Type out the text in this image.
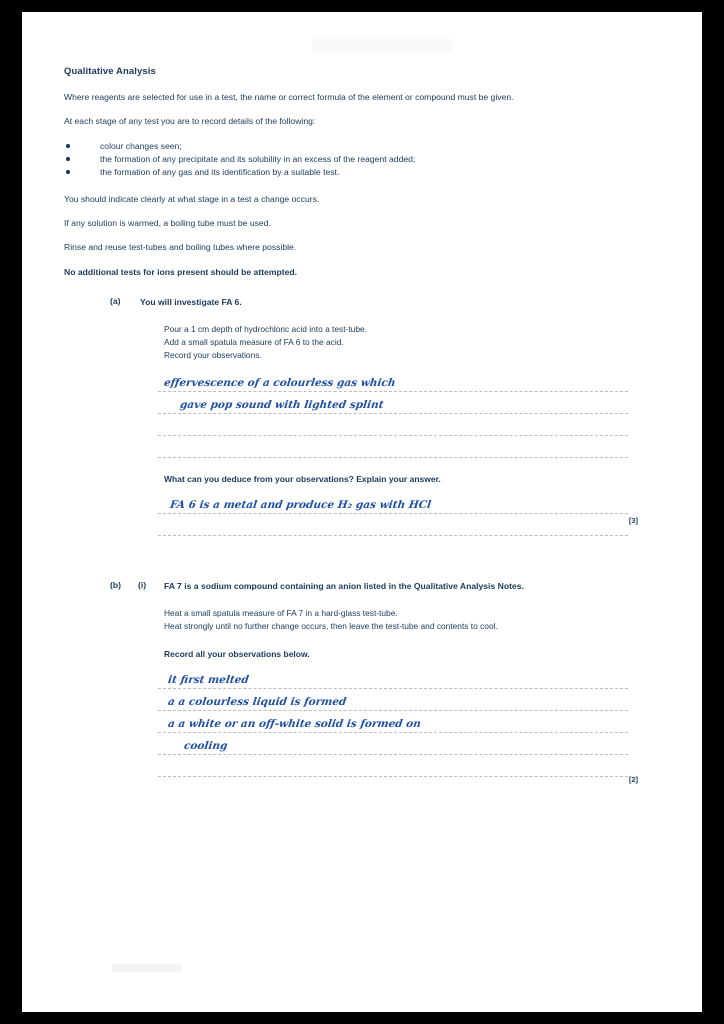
Qualitative Analysis

Where reagents are selected for use in a test, the name or correct formula of the element or compound must be given.

At each stage of any test you are to record details of the following:

colour changes seen;
the formation of any precipitate and its solubility in an excess of the reagent added;
the formation of any gas and its identification by a suitable test.

You should indicate clearly at what stage in a test a change occurs.

If any solution is warmed, a boiling tube must be used.

Rinse and reuse test-tubes and boiling tubes where possible.

No additional tests for ions present should be attempted.

(a) You will investigate FA 6.
Pour a 1 cm depth of hydrochloric acid into a test-tube.
Add a small spatula measure of FA 6 to the acid.
Record your observations.
effervescence of a colourless gas which
gave pop sound with lighted splint
What can you deduce from your observations? Explain your answer.
FA 6 is a metal and produce H₂ gas with HCl
[3]
(b) (i) FA 7 is a sodium compound containing an anion listed in the Qualitative Analysis Notes.
Heat a small spatula measure of FA 7 in a hard-glass test-tube.
Heat strongly until no further change occurs, then leave the test-tube and contents to cool.
Record all your observations below.
it first melted
a a colourless liquid is formed
a a white or an off-white solid is formed on
cooling
[2]
